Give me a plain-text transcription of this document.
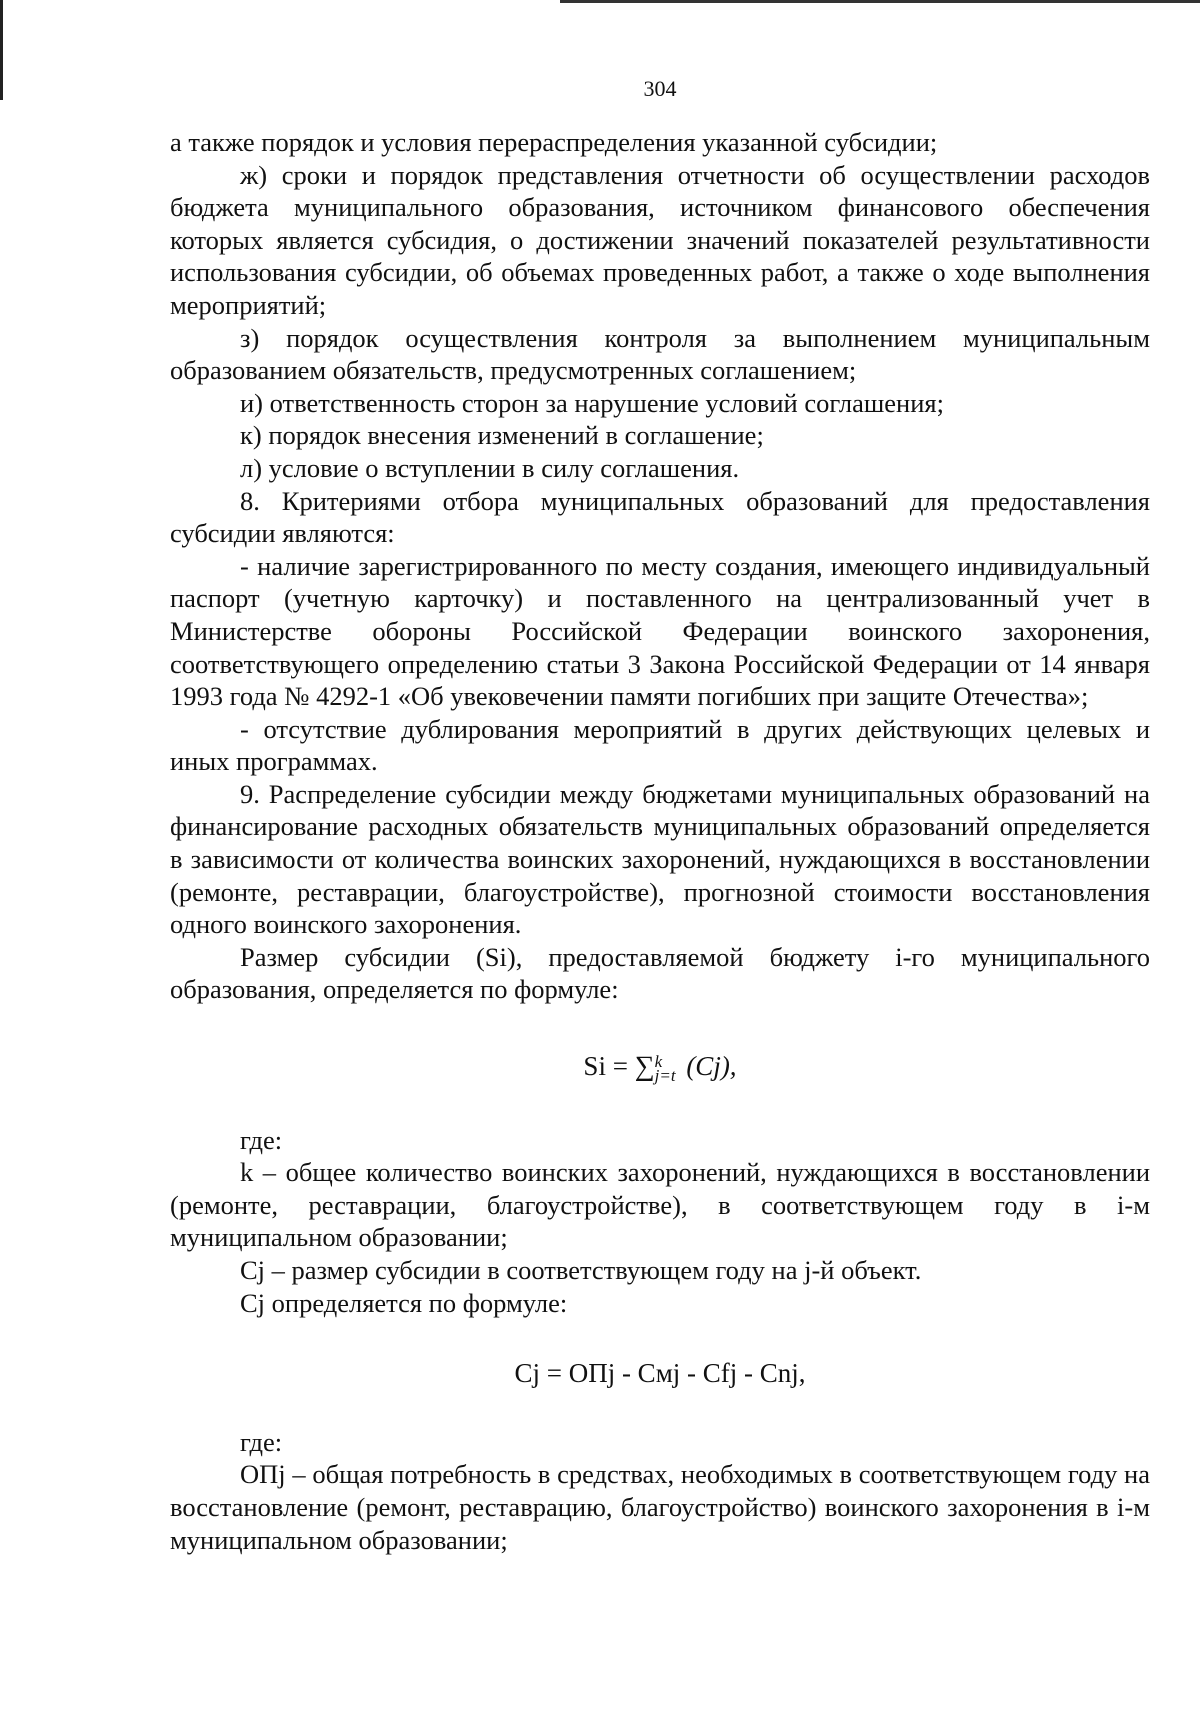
304

а также порядок и условия перераспределения указанной субсидии;

ж) сроки и порядок представления отчетности об осуществлении расходов бюджета муниципального образования, источником финансового обеспечения которых является субсидия, о достижении значений показателей результативности использования субсидии, об объемах проведенных работ, а также о ходе выполнения мероприятий;

з) порядок осуществления контроля за выполнением муниципальным образованием обязательств, предусмотренных соглашением;

и) ответственность сторон за нарушение условий соглашения;

к) порядок внесения изменений в соглашение;

л) условие о вступлении в силу соглашения.

8. Критериями отбора муниципальных образований для предоставления субсидии являются:

- наличие зарегистрированного по месту создания, имеющего индивидуальный паспорт (учетную карточку) и поставленного на централизованный учет в Министерстве обороны Российской Федерации воинского захоронения, соответствующего определению статьи 3 Закона Российской Федерации от 14 января 1993 года № 4292-1 «Об увековечении памяти погибших при защите Отечества»;

- отсутствие дублирования мероприятий в других действующих целевых и иных программах.

9. Распределение субсидии между бюджетами муниципальных образований на финансирование расходных обязательств муниципальных образований определяется в зависимости от количества воинских захоронений, нуждающихся в восстановлении (ремонте, реставрации, благоустройстве), прогнозной стоимости восстановления одного воинского захоронения.

Размер субсидии (Si), предоставляемой бюджету i-го муниципального образования, определяется по формуле:

Si = ∑ k
j=t (Cj),

где:

k – общее количество воинских захоронений, нуждающихся в восстановлении (ремонте, реставрации, благоустройстве), в соответствующем году в i-м муниципальном образовании;

Cj – размер субсидии в соответствующем году на j-й объект.

Cj определяется по формуле:

Cj = ОПj - Смj - Cfj - Cnj,

где:

ОПj – общая потребность в средствах, необходимых в соответствующем году на восстановление (ремонт, реставрацию, благоустройство) воинского захоронения в i-м муниципальном образовании;
